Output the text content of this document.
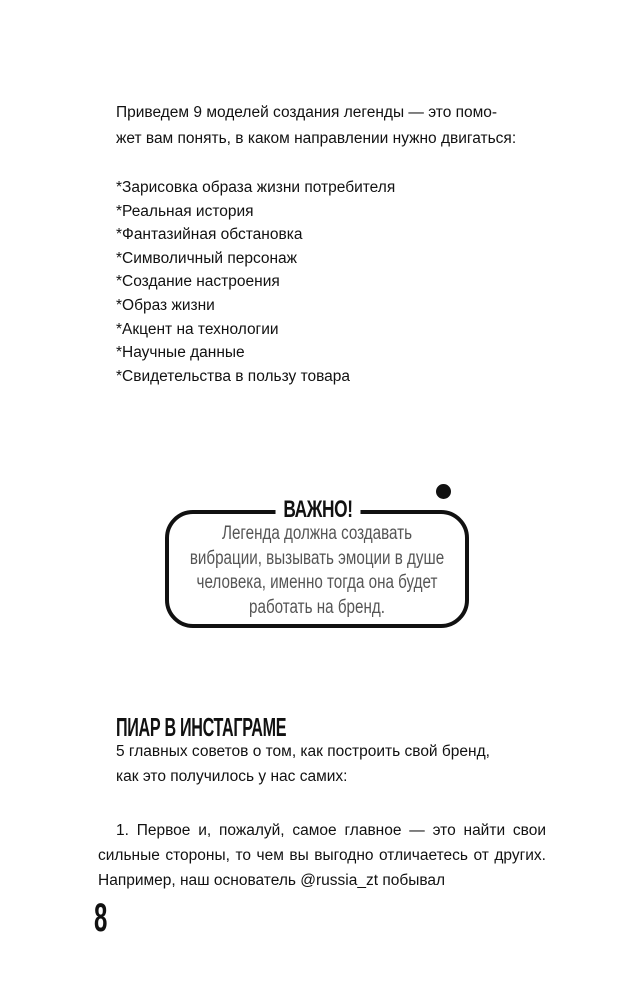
Приведем 9 моделей создания легенды — это помо-
жет вам понять, в каком направлении нужно двигаться:

*Зарисовка образа жизни потребителя
*Реальная история
*Фантазийная обстановка
*Символичный персонаж
*Создание настроения
*Образ жизни
*Акцент на технологии
*Научные данные
*Свидетельства в пользу товара
ВАЖНО!

Легенда должна создавать
вибрации, вызывать эмоции в душе
человека, именно тогда она будет
работать на бренд.

ПИАР В ИНСТАГРАМЕ

5 главных советов о том, как построить свой бренд,
как это получилось у нас самих:

1. Первое и, пожалуй, самое главное — это найти свои сильные стороны, то чем вы выгодно отличаетесь от других. Например, наш основатель @russia_zt побывал

8
